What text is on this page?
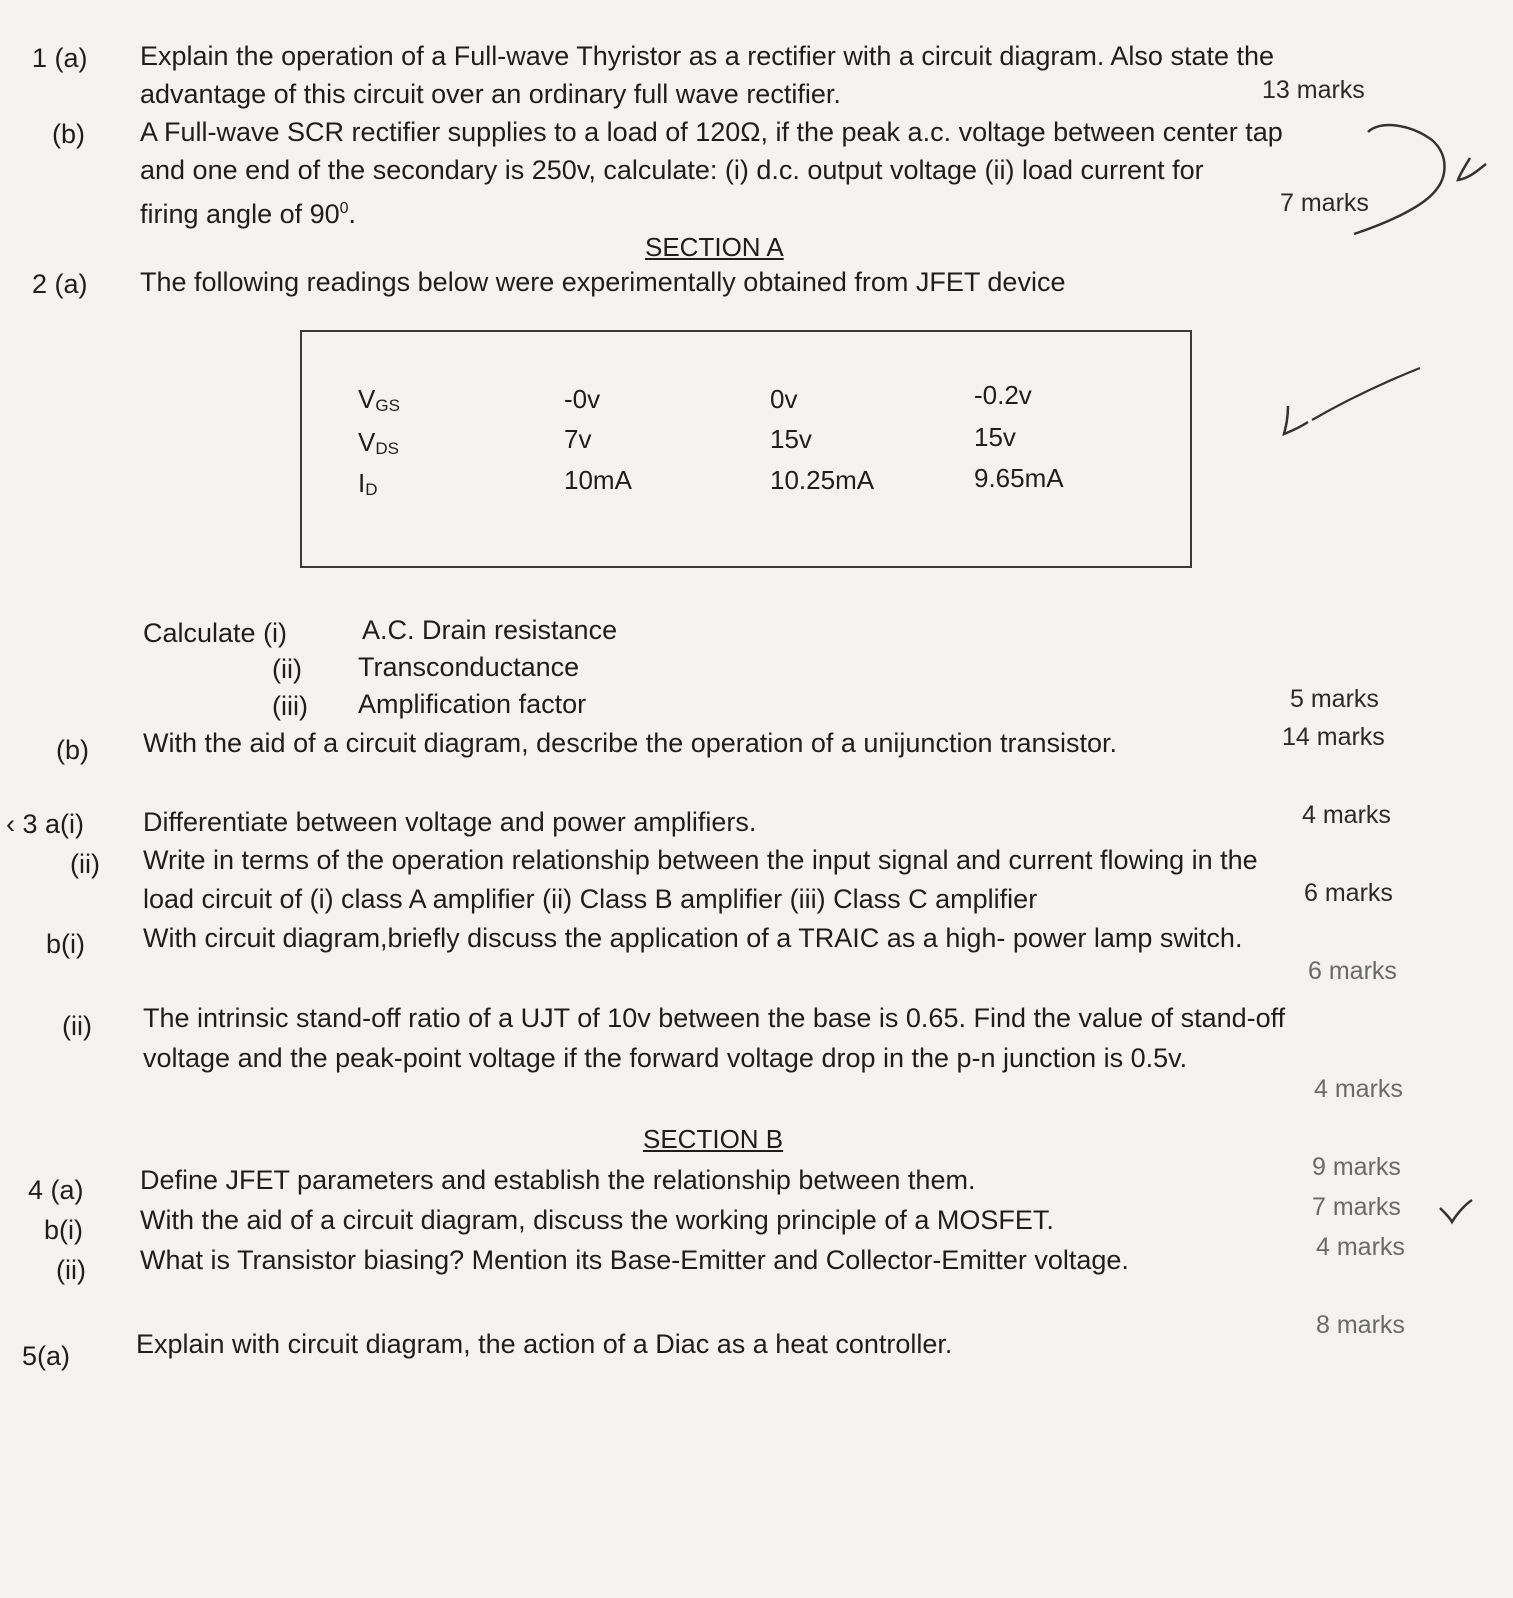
1 (a) Explain the operation of a Full-wave Thyristor as a rectifier with a circuit diagram. Also state the
advantage of this circuit over an ordinary full wave rectifier.	13 marks
(b) A Full-wave SCR rectifier supplies to a load of 120Ω, if the peak a.c. voltage between center tap
and one end of the secondary is 250v, calculate: (i) d.c. output voltage (ii) load current for
firing angle of $90^0$.	7 marks
SECTION A
2 (a) The following readings below were experimentally obtained from JFET device
$V_{GS}$	-0v	0v	-0.2v
$V_{DS}$	7v	15v	15v
$I_D$	10mA	10.25mA	9.65mA
Calculate (i)	A.C. Drain resistance
(ii) Transconductance
(iii) Amplification factor	5 marks
(b) With the aid of a circuit diagram, describe the operation of a unijunction transistor.	14 marks
‹ 3 a(i) Differentiate between voltage and power amplifiers.	4 marks
(ii) Write in terms of the operation relationship between the input signal and current flowing in the
load circuit of (i) class A amplifier (ii) Class B amplifier (iii) Class C amplifier	6 marks
b(i) With circuit diagram,briefly discuss the application of a TRAIC as a high- power lamp switch.
6 marks
(ii) The intrinsic stand-off ratio of a UJT of 10v between the base is 0.65. Find the value of stand-off
voltage and the peak-point voltage if the forward voltage drop in the p-n junction is 0.5v.
4 marks
SECTION B
4 (a) Define JFET parameters and establish the relationship between them.	9 marks
b(i) With the aid of a circuit diagram, discuss the working principle of a MOSFET.	7 marks
(ii) What is Transistor biasing? Mention its Base-Emitter and Collector-Emitter voltage.	4 marks
5(a) Explain with circuit diagram, the action of a Diac as a heat controller.
8 marks
